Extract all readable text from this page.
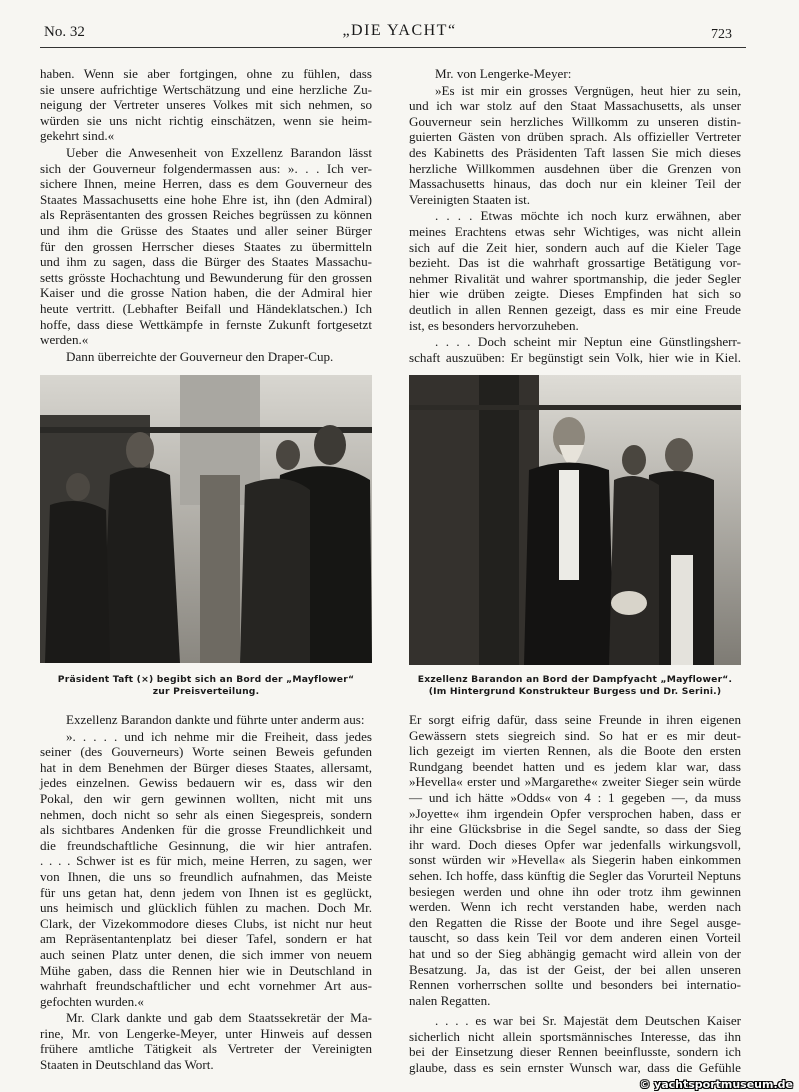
No. 32	„DIE YACHT“	723
haben. Wenn sie aber fortgingen, ohne zu fühlen, dass
sie unsere aufrichtige Wertschätzung und eine herzliche Zu-
neigung der Vertreter unseres Volkes mit sich nehmen, so
würden sie uns nicht richtig einschätzen, wenn sie heim-
gekehrt sind.«
Ueber die Anwesenheit von Exzellenz Barandon lässt
sich der Gouverneur folgendermassen aus: ». . . Ich ver-
sichere Ihnen, meine Herren, dass es dem Gouverneur des
Staates Massachusetts eine hohe Ehre ist, ihn (den Admiral)
als Repräsentanten des grossen Reiches begrüssen zu können
und ihm die Grüsse des Staates und aller seiner Bürger
für den grossen Herrscher dieses Staates zu übermitteln
und ihm zu sagen, dass die Bürger des Staates Massachu-
setts grösste Hochachtung und Bewunderung für den grossen
Kaiser und die grosse Nation haben, die der Admiral hier
heute vertritt. (Lebhafter Beifall und Händeklatschen.) Ich
hoffe, dass diese Wettkämpfe in fernste Zukunft fortgesetzt
werden.«
Dann überreichte der Gouverneur den Draper-Cup.
Mr. von Lengerke-Meyer:
»Es ist mir ein grosses Vergnügen, heut hier zu sein,
und ich war stolz auf den Staat Massachusetts, als unser
Gouverneur sein herzliches Willkomm zu unseren distin-
guierten Gästen von drüben sprach. Als offizieller Vertreter
des Kabinetts des Präsidenten Taft lassen Sie mich dieses
herzliche Willkommen ausdehnen über die Grenzen von
Massachusetts hinaus, das doch nur ein kleiner Teil der
Vereinigten Staaten ist.
. . . . Etwas möchte ich noch kurz erwähnen, aber
meines Erachtens etwas sehr Wichtiges, was nicht allein
sich auf die Zeit hier, sondern auch auf die Kieler Tage
bezieht. Das ist die wahrhaft grossartige Betätigung vor-
nehmer Rivalität und wahrer sportmanship, die jeder Segler
hier wie drüben zeigte. Dieses Empfinden hat sich so
deutlich in allen Rennen gezeigt, dass es mir eine Freude
ist, es besonders hervorzuheben.
. . . . Doch scheint mir Neptun eine Günstlingsherr-
schaft auszuüben: Er begünstigt sein Volk, hier wie in Kiel.
Präsident Taft (×) begibt sich an Bord der „Mayflower“
zur Preisverteilung.
Exzellenz Barandon an Bord der Dampfyacht „Mayflower“.
(Im Hintergrund Konstrukteur Burgess und Dr. Serini.)
Exzellenz Barandon dankte und führte unter anderm aus:
». . . . . und ich nehme mir die Freiheit, dass jedes
seiner (des Gouverneurs) Worte seinen Beweis gefunden
hat in dem Benehmen der Bürger dieses Staates, allersamt,
jedes einzelnen. Gewiss bedauern wir es, dass wir den
Pokal, den wir gern gewinnen wollten, nicht mit uns
nehmen, doch nicht so sehr als einen Siegespreis, sondern
als sichtbares Andenken für die grosse Freundlichkeit und
die freundschaftliche Gesinnung, die wir hier antrafen.
. . . . Schwer ist es für mich, meine Herren, zu sagen, wer
von Ihnen, die uns so freundlich aufnahmen, das Meiste
für uns getan hat, denn jedem von Ihnen ist es geglückt,
uns heimisch und glücklich fühlen zu machen. Doch Mr.
Clark, der Vizekommodore dieses Clubs, ist nicht nur heut
am Repräsentantenplatz bei dieser Tafel, sondern er hat
auch seinen Platz unter denen, die sich immer von neuem
Mühe gaben, dass die Rennen hier wie in Deutschland in
wahrhaft freundschaftlicher und echt vornehmer Art aus-
gefochten wurden.«
Mr. Clark dankte und gab dem Staatssekretär der Ma-
rine, Mr. von Lengerke-Meyer, unter Hinweis auf dessen
frühere amtliche Tätigkeit als Vertreter der Vereinigten
Staaten in Deutschland das Wort.
Er sorgt eifrig dafür, dass seine Freunde in ihren eigenen
Gewässern stets siegreich sind. So hat er es mir deut-
lich gezeigt im vierten Rennen, als die Boote den ersten
Rundgang beendet hatten und es jedem klar war, dass
»Hevella« erster und »Margarethe« zweiter Sieger sein würde
— und ich hätte »Odds« von 4 : 1 gegeben —, da muss
»Joyette« ihm irgendein Opfer versprochen haben, dass er
ihr eine Glücksbrise in die Segel sandte, so dass der Sieg
ihr ward. Doch dieses Opfer war jedenfalls wirkungsvoll,
sonst würden wir »Hevella« als Siegerin haben einkommen
sehen. Ich hoffe, dass künftig die Segler das Vorurteil Neptuns
besiegen werden und ohne ihn oder trotz ihm gewinnen
werden. Wenn ich recht verstanden habe, werden nach
den Regatten die Risse der Boote und ihre Segel ausge-
tauscht, so dass kein Teil vor dem anderen einen Vorteil
hat und so der Sieg abhängig gemacht wird allein von der
Besatzung. Ja, das ist der Geist, der bei allen unseren
Rennen vorherrschen sollte und besonders bei internatio-
nalen Regatten.
. . . . es war bei Sr. Majestät dem Deutschen Kaiser
sicherlich nicht allein sportsmännisches Interesse, das ihn
bei der Einsetzung dieser Rennen beeinflusste, sondern ich
glaube, dass es sein ernster Wunsch war, dass die Gefühle
© yachtsportmuseum.de
